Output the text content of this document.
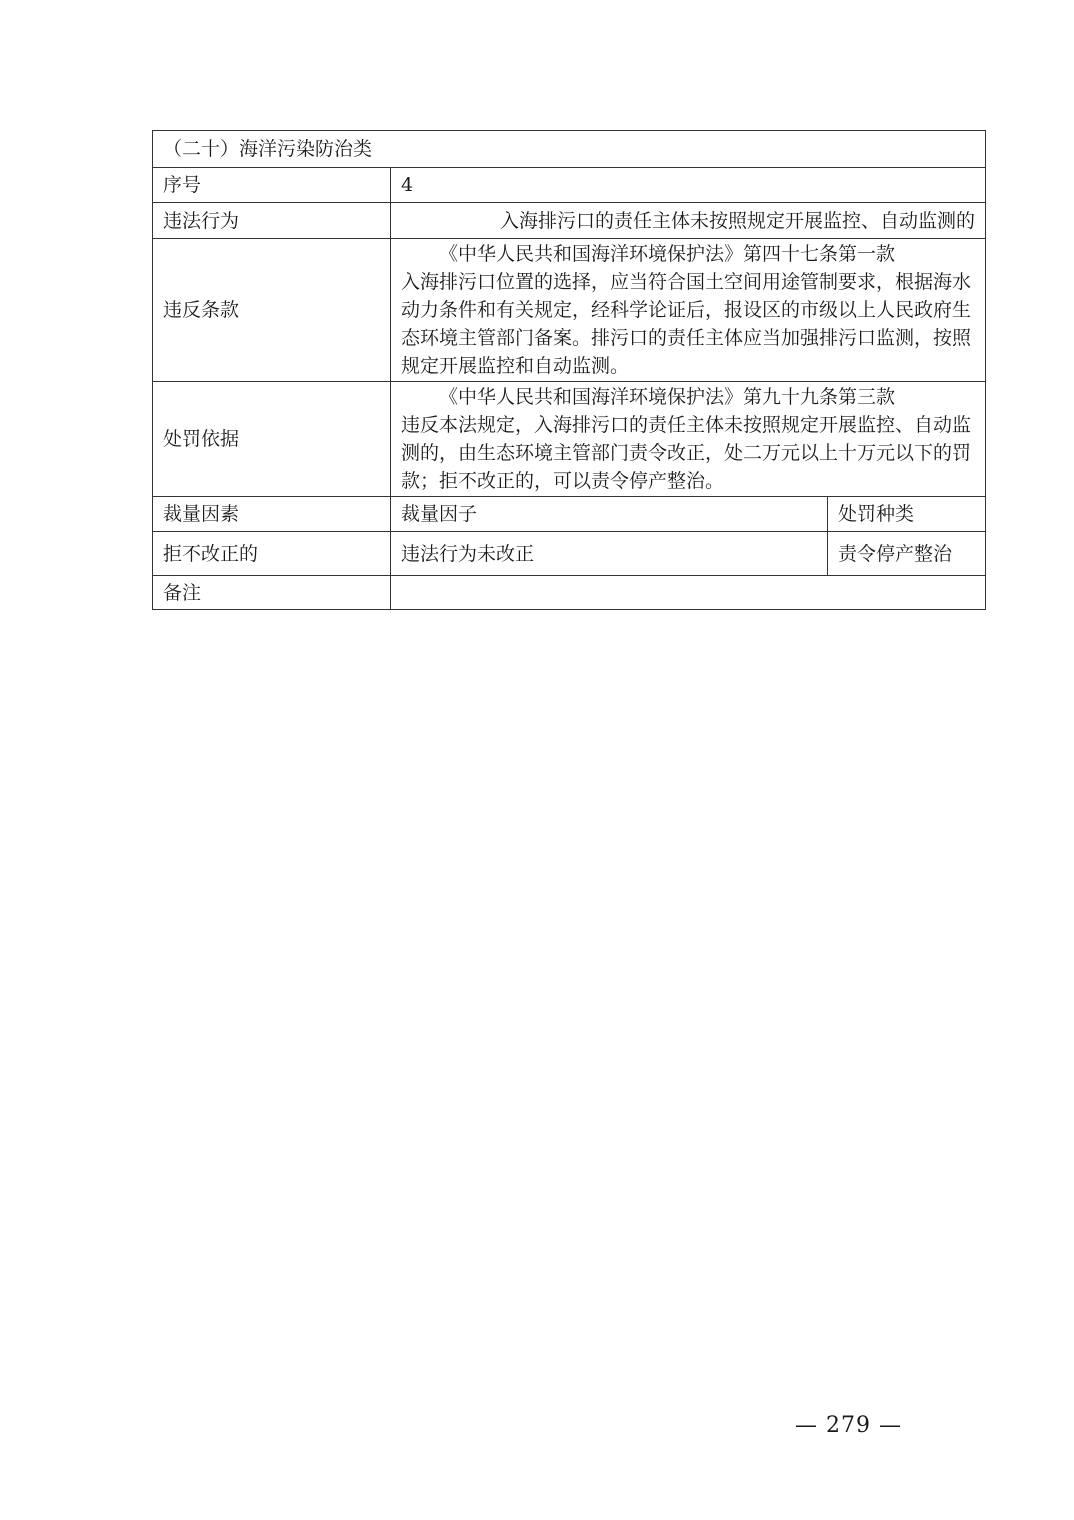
（二十）海洋污染防治类		
序号	4	
违法行为	入海排污口的责任主体未按照规定开展监控、自动监测的	

违反条款	《中华人民共和国海洋环境保护法》第四十七条第一款
入海排污口位置的选择，应当符合国土空间用途管制要求，根据海水动力条件和有关规定，经科学论证后，报设区的市级以上人民政府生态环境主管部门备案。排污口的责任主体应当加强排污口监测，按照规定开展监控和自动监测。	
处罚依据	《中华人民共和国海洋环境保护法》第九十九条第三款
违反本法规定，入海排污口的责任主体未按照规定开展监控、自动监测的，由生态环境主管部门责令改正，处二万元以上十万元以下的罚款；拒不改正的，可以责令停产整治。	
裁量因素	裁量因子	处罚种类
拒不改正的	违法行为未改正	责令停产整治
备注		
— 279 —
